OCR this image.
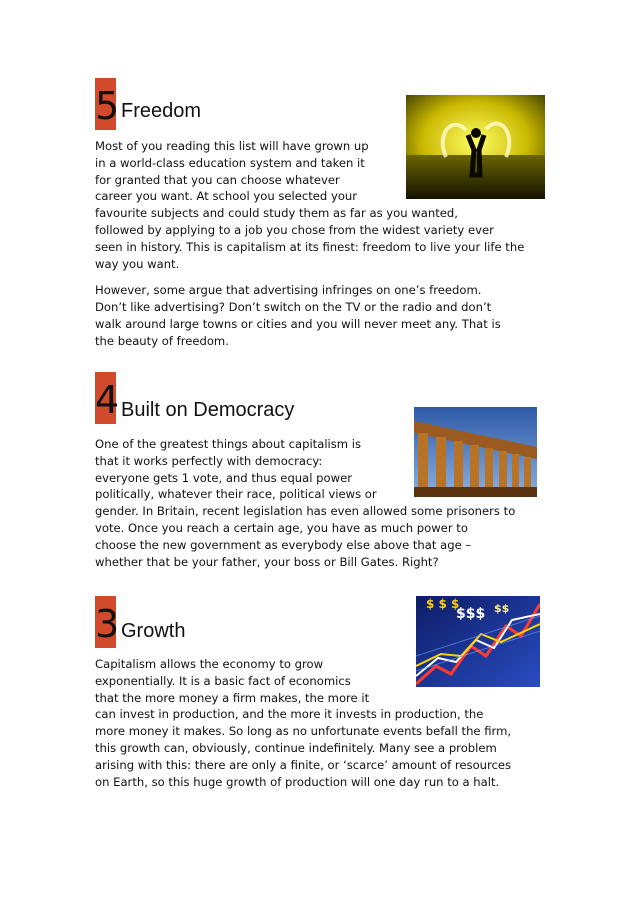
5 Freedom

Most of you reading this list will have grown up

in a world-class education system and taken it

for granted that you can choose whatever

career you want. At school you selected your

favourite subjects and could study them as far as you wanted,

followed by applying to a job you chose from the widest variety ever

seen in history. This is capitalism at its finest: freedom to live your life the

way you want.

However, some argue that advertising infringes on one’s freedom.

Don’t like advertising? Don’t switch on the TV or the radio and don’t

walk around large towns or cities and you will never meet any. That is

the beauty of freedom.

4 Built on Democracy

One of the greatest things about capitalism is

that it works perfectly with democracy:

everyone gets 1 vote, and thus equal power

politically, whatever their race, political views or

gender. In Britain, recent legislation has even allowed some prisoners to

vote. Once you reach a certain age, you have as much power to

choose the new government as everybody else above that age –

whether that be your father, your boss or Bill Gates. Right?

3 Growth

Capitalism allows the economy to grow

exponentially. It is a basic fact of economics

that the more money a firm makes, the more it

can invest in production, and the more it invests in production, the

more money it makes. So long as no unfortunate events befall the firm,

this growth can, obviously, continue indefinitely. Many see a problem

arising with this: there are only a finite, or ‘scarce’ amount of resources

on Earth, so this huge growth of production will one day run to a halt.

$ $ $
$$$ $$
